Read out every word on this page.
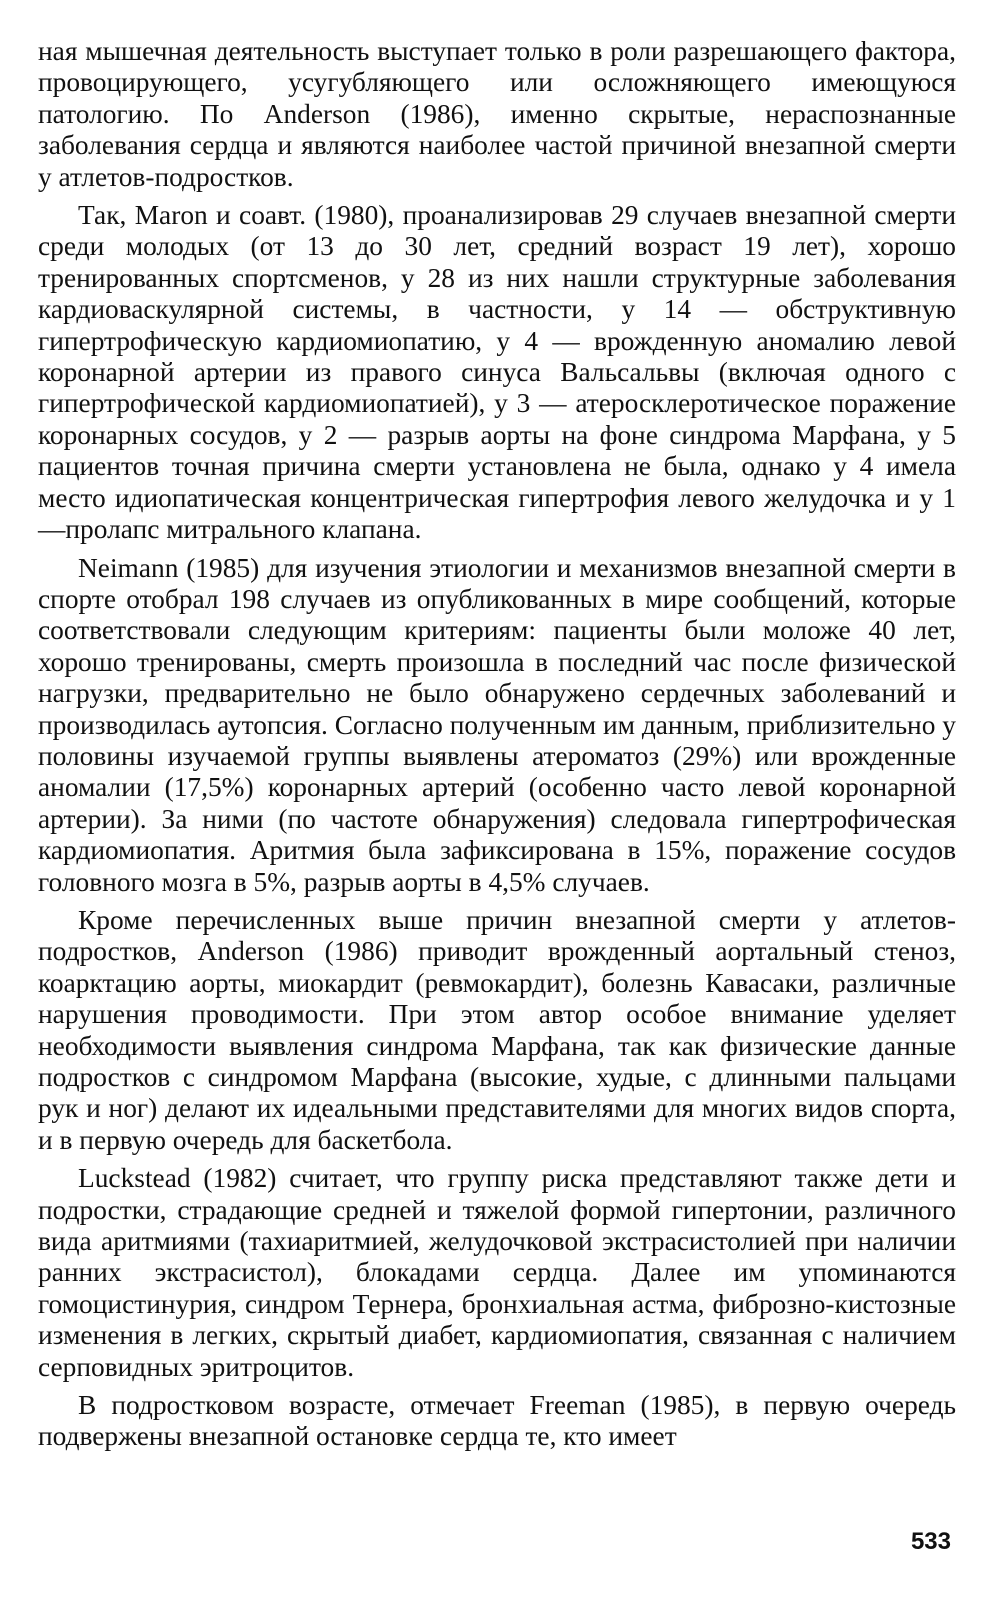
ная мышечная деятельность выступает только в роли разрешающего фактора, провоцирующего, усугубляющего или осложняющего имеющуюся патологию. По Anderson (1986), именно скрытые, нераспознанные заболевания сердца и являются наиболее частой причиной внезапной смерти у атлетов-подростков.

Так, Maron и соавт. (1980), проанализировав 29 случаев внезапной смерти среди молодых (от 13 до 30 лет, средний возраст 19 лет), хорошо тренированных спортсменов, у 28 из них нашли структурные заболевания кардиоваскулярной системы, в частности, у 14 — обструктивную гипертрофическую кардиомиопатию, у 4 — врожденную аномалию левой коронарной артерии из правого синуса Вальсальвы (включая одного с гипертрофической кардиомиопатией), у 3 — атеросклеротическое поражение коронарных сосудов, у 2 — разрыв аорты на фоне синдрома Марфана, у 5 пациентов точная причина смерти установлена не была, однако у 4 имела место идиопатическая концентрическая гипертрофия левого желудочка и у 1—пролапс митрального клапана.

Neimann (1985) для изучения этиологии и механизмов внезапной смерти в спорте отобрал 198 случаев из опубликованных в мире сообщений, которые соответствовали следующим критериям: пациенты были моложе 40 лет, хорошо тренированы, смерть произошла в последний час после физической нагрузки, предварительно не было обнаружено сердечных заболеваний и производилась аутопсия. Согласно полученным им данным, приблизительно у половины изучаемой группы выявлены атероматоз (29%) или врожденные аномалии (17,5%) коронарных артерий (особенно часто левой коронарной артерии). За ними (по частоте обнаружения) следовала гипертрофическая кардиомиопатия. Аритмия была зафиксирована в 15%, поражение сосудов головного мозга в 5%, разрыв аорты в 4,5% случаев.

Кроме перечисленных выше причин внезапной смерти у атлетов-подростков, Anderson (1986) приводит врожденный аортальный стеноз, коарктацию аорты, миокардит (ревмокардит), болезнь Кавасаки, различные нарушения проводимости. При этом автор особое внимание уделяет необходимости выявления синдрома Марфана, так как физические данные подростков с синдромом Марфана (высокие, худые, с длинными пальцами рук и ног) делают их идеальными представителями для многих видов спорта, и в первую очередь для баскетбола.

Luckstead (1982) считает, что группу риска представляют также дети и подростки, страдающие средней и тяжелой формой гипертонии, различного вида аритмиями (тахиаритмией, желудочковой экстрасистолией при наличии ранних экстрасистол), блокадами сердца. Далее им упоминаются гомоцистинурия, синдром Тернера, бронхиальная астма, фиброзно-кистозные изменения в легких, скрытый диабет, кардиомиопатия, связанная с наличием серповидных эритроцитов.

В подростковом возрасте, отмечает Freeman (1985), в первую очередь подвержены внезапной остановке сердца те, кто имеет

533
